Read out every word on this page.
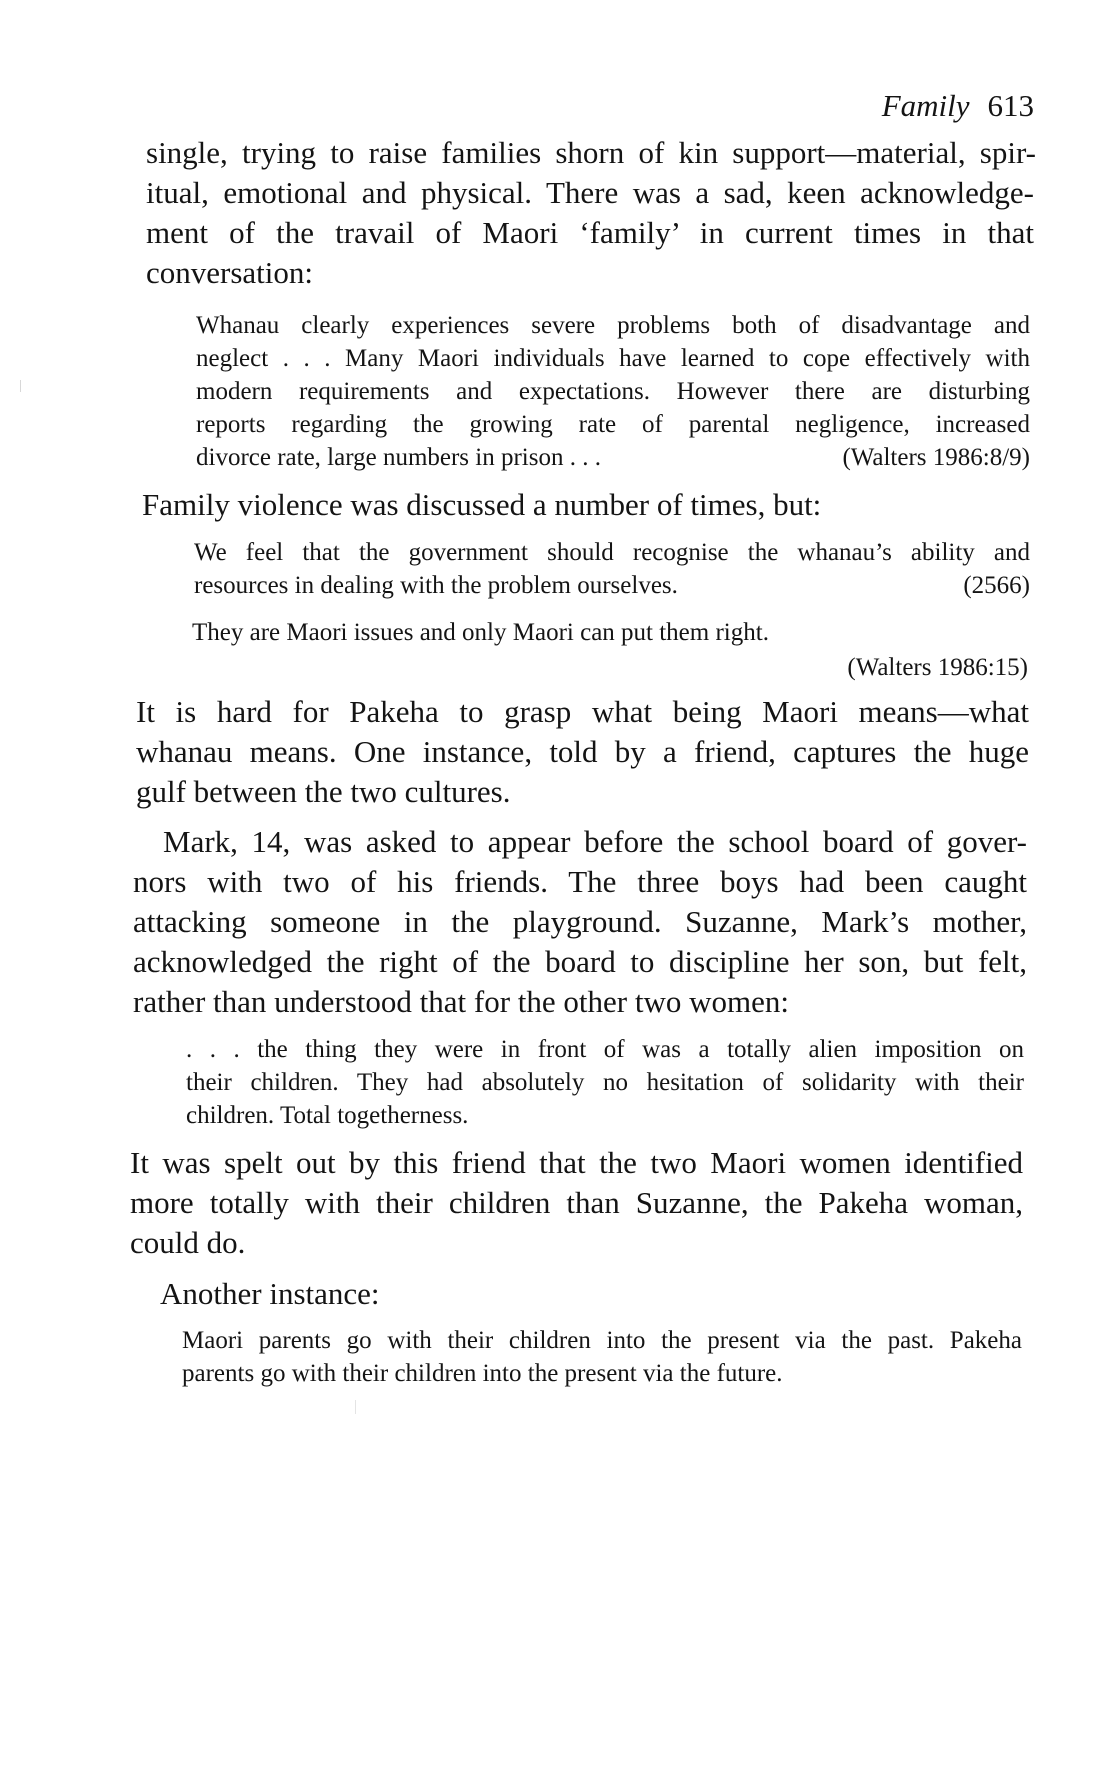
Family 613
single, trying to raise families shorn of kin support—material, spir-
itual, emotional and physical. There was a sad, keen acknowledge-
ment of the travail of Maori ‘family’ in current times in that
conversation:
Whanau clearly experiences severe problems both of disadvantage and
neglect . . . Many Maori individuals have learned to cope effectively with
modern requirements and expectations. However there are disturbing
reports regarding the growing rate of parental negligence, increased
divorce rate, large numbers in prison . . .	(Walters 1986:8/9)
Family violence was discussed a number of times, but:
We feel that the government should recognise the whanau’s ability and
resources in dealing with the problem ourselves.	(2566)
They are Maori issues and only Maori can put them right.
(Walters 1986:15)
It is hard for Pakeha to grasp what being Maori means—what
whanau means. One instance, told by a friend, captures the huge
gulf between the two cultures.
Mark, 14, was asked to appear before the school board of gover-
nors with two of his friends. The three boys had been caught
attacking someone in the playground. Suzanne, Mark’s mother,
acknowledged the right of the board to discipline her son, but felt,
rather than understood that for the other two women:
. . . the thing they were in front of was a totally alien imposition on
their children. They had absolutely no hesitation of solidarity with their
children. Total togetherness.
It was spelt out by this friend that the two Maori women identified
more totally with their children than Suzanne, the Pakeha woman,
could do.
Another instance:
Maori parents go with their children into the present via the past. Pakeha
parents go with their children into the present via the future.
